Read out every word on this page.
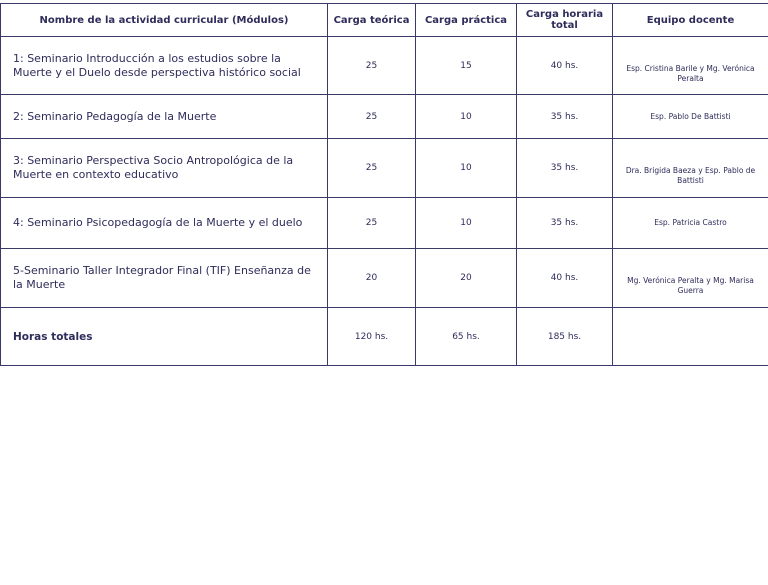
Nombre de la actividad curricular (Módulos)	Carga teórica	Carga práctica	Carga horaria total	Equipo docente
1: Seminario Introducción a los estudios sobre la Muerte y el Duelo desde perspectiva histórico social	25	15	40 hs.	Esp. Cristina Barile y Mg. Verónica Peralta
2: Seminario Pedagogía de la Muerte	25	10	35 hs.	Esp. Pablo De Battisti
3: Seminario Perspectiva Socio Antropológica de la Muerte en contexto educativo	25	10	35 hs.	Dra. Brigida Baeza y Esp. Pablo de Battisti
4: Seminario Psicopedagogía de la Muerte y el duelo	25	10	35 hs.	Esp. Patricia Castro
5-Seminario Taller Integrador Final (TIF) Enseñanza de la Muerte	20	20	40 hs.	Mg. Verónica Peralta y Mg. Marisa Guerra
Horas totales	120 hs.	65 hs.	185 hs.	
